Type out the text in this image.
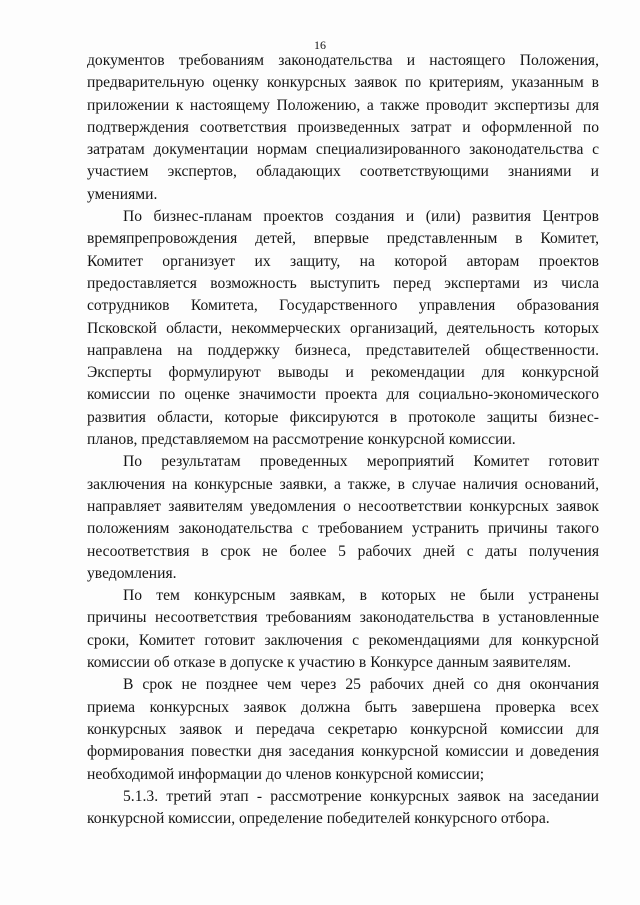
16

документов требованиям законодательства и настоящего Положения,
предварительную оценку конкурсных заявок по критериям, указанным в
приложении к настоящему Положению, а также проводит экспертизы для
подтверждения соответствия произведенных затрат и оформленной по
затратам документации нормам специализированного законодательства с
участием экспертов, обладающих соответствующими знаниями и
умениями.

По бизнес-планам проектов создания и (или) развития Центров
времяпрепровождения детей, впервые представленным в Комитет,
Комитет организует их защиту, на которой авторам проектов
предоставляется возможность выступить перед экспертами из числа
сотрудников Комитета, Государственного управления образования
Псковской области, некоммерческих организаций, деятельность которых
направлена на поддержку бизнеса, представителей общественности.
Эксперты формулируют выводы и рекомендации для конкурсной
комиссии по оценке значимости проекта для социально-экономического
развития области, которые фиксируются в протоколе защиты бизнес-
планов, представляемом на рассмотрение конкурсной комиссии.

По результатам проведенных мероприятий Комитет готовит
заключения на конкурсные заявки, а также, в случае наличия оснований,
направляет заявителям уведомления о несоответствии конкурсных заявок
положениям законодательства с требованием устранить причины такого
несоответствия в срок не более 5 рабочих дней с даты получения
уведомления.

По тем конкурсным заявкам, в которых не были устранены
причины несоответствия требованиям законодательства в установленные
сроки, Комитет готовит заключения с рекомендациями для конкурсной
комиссии об отказе в допуске к участию в Конкурсе данным заявителям.

В срок не позднее чем через 25 рабочих дней со дня окончания
приема конкурсных заявок должна быть завершена проверка всех
конкурсных заявок и передача секретарю конкурсной комиссии для
формирования повестки дня заседания конкурсной комиссии и доведения
необходимой информации до членов конкурсной комиссии;

5.1.3. третий этап - рассмотрение конкурсных заявок на заседании
конкурсной комиссии, определение победителей конкурсного отбора.
